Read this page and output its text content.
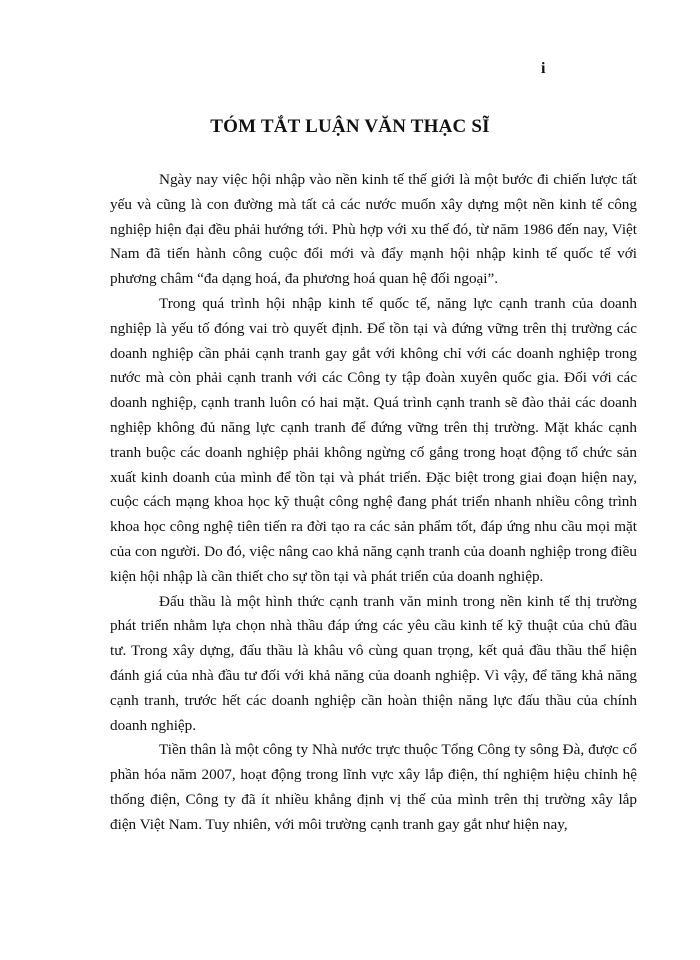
i
TÓM TẮT LUẬN VĂN THẠC SĨ

Ngày nay việc hội nhập vào nền kinh tế thế giới là một bước đi chiến lược tất yếu và cũng là con đường mà tất cả các nước muốn xây dựng một nền kinh tế công nghiệp hiện đại đều phải hướng tới. Phù hợp với xu thế đó, từ năm 1986 đến nay, Việt Nam đã tiến hành công cuộc đổi mới và đẩy mạnh hội nhập kinh tế quốc tế với phương châm “đa dạng hoá, đa phương hoá quan hệ đối ngoại”.

Trong quá trình hội nhập kinh tế quốc tế, năng lực cạnh tranh của doanh nghiệp là yếu tố đóng vai trò quyết định. Để tồn tại và đứng vững trên thị trường các doanh nghiệp cần phải cạnh tranh gay gắt với không chỉ với các doanh nghiệp trong nước mà còn phải cạnh tranh với các Công ty tập đoàn xuyên quốc gia. Đối với các doanh nghiệp, cạnh tranh luôn có hai mặt. Quá trình cạnh tranh sẽ đào thải các doanh nghiệp không đủ năng lực cạnh tranh để đứng vững trên thị trường. Mặt khác cạnh tranh buộc các doanh nghiệp phải không ngừng cố gắng trong hoạt động tổ chức sản xuất kinh doanh của mình để tồn tại và phát triển. Đặc biệt trong giai đoạn hiện nay, cuộc cách mạng khoa học kỹ thuật công nghệ đang phát triển nhanh nhiều công trình khoa học công nghệ tiên tiến ra đời tạo ra các sản phẩm tốt, đáp ứng nhu cầu mọi mặt của con người. Do đó, việc nâng cao khả năng cạnh tranh của doanh nghiệp trong điều kiện hội nhập là cần thiết cho sự tồn tại và phát triển của doanh nghiệp.

Đấu thầu là một hình thức cạnh tranh văn minh trong nền kinh tế thị trường phát triển nhằm lựa chọn nhà thầu đáp ứng các yêu cầu kinh tế kỹ thuật của chủ đầu tư. Trong xây dựng, đấu thầu là khâu vô cùng quan trọng, kết quả đầu thầu thể hiện đánh giá của nhà đầu tư đối với khả năng của doanh nghiệp. Vì vậy, để tăng khả năng cạnh tranh, trước hết các doanh nghiệp cần hoàn thiện năng lực đấu thầu của chính doanh nghiệp.

Tiền thân là một công ty Nhà nước trực thuộc Tổng Công ty sông Đà, được cổ phần hóa năm 2007, hoạt động trong lĩnh vực xây lắp điện, thí nghiệm hiệu chỉnh hệ thống điện, Công ty đã ít nhiều khẳng định vị thế của mình trên thị trường xây lắp điện Việt Nam. Tuy nhiên, với môi trường cạnh tranh gay gắt như hiện nay,
